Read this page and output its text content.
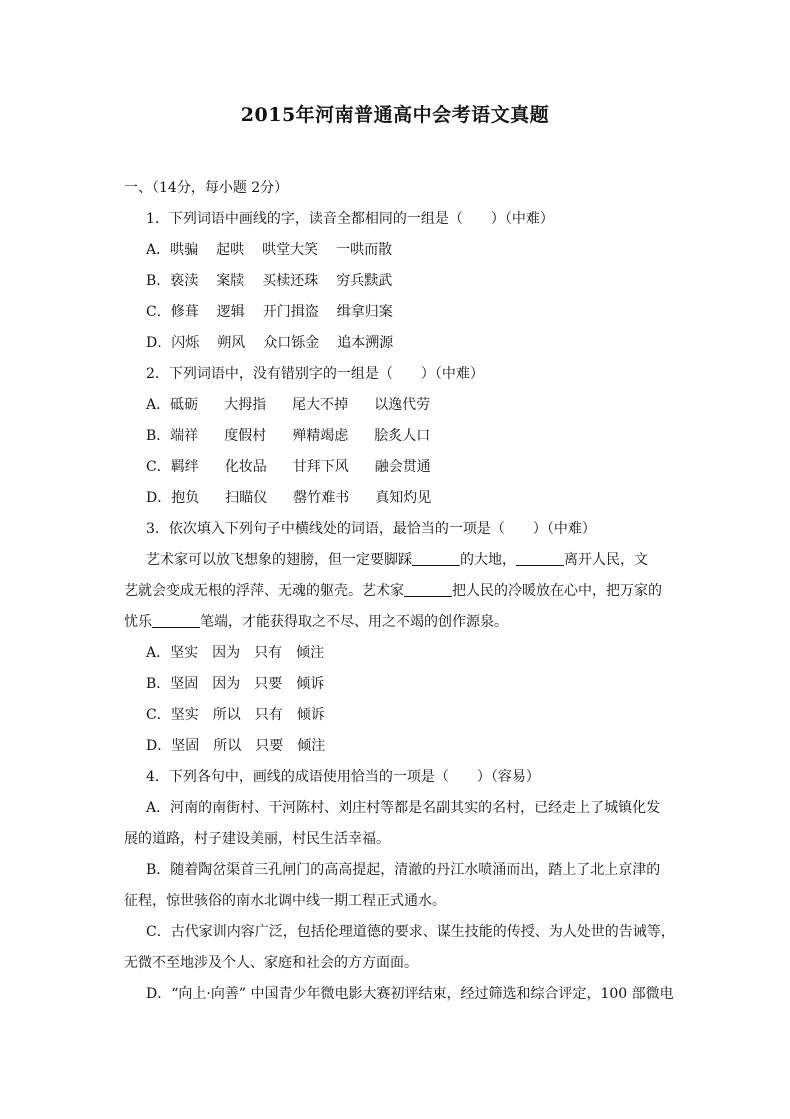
2015年河南普通高中会考语文真题
一、（14分，每小题 2分）
1．下列词语中画线的字，读音全都相同的一组是（　　）（中难）
A．哄骗 起哄 哄堂大笑 一哄而散
B．亵渎 案牍 买椟还珠 穷兵黩武
C．修葺 逻辑 开门揖盗 缉拿归案
D．闪烁 朔风 众口铄金 追本溯源
2．下列词语中，没有错别字的一组是（　　）（中难）
A．砥砺 大拇指 尾大不掉 以逸代劳
B．端祥 度假村 殚精竭虑 脍炙人口
C．羁绊 化妆品 甘拜下风 融会贯通
D．抱负 扫瞄仪 罄竹难书 真知灼见
3．依次填入下列句子中横线处的词语，最恰当的一项是（　　）（中难）
艺术家可以放飞想象的翅膀，但一定要脚踩	的大地，	离开人民，文
艺就会变成无根的浮萍、无魂的躯壳。艺术家	把人民的冷暖放在心中，把万家的
忧乐	笔端，才能获得取之不尽、用之不竭的创作源泉。
A．坚实　 因为　 只有　 倾注
B．坚固　 因为　 只要　 倾诉
C．坚实　 所以　 只有　 倾诉
D．坚固　 所以　 只要　 倾注
4．下列各句中，画线的成语使用恰当的一项是（　　）（容易）
A．河南的南街村、干河陈村、刘庄村等都是名副其实的名村，已经走上了城镇化发
展的道路，村子建设美丽，村民生活幸福。
B．随着陶岔渠首三孔闸门的高高提起，清澈的丹江水喷涌而出，踏上了北上京津的
征程，惊世骇俗的南水北调中线一期工程正式通水。
C．古代家训内容广泛，包括伦理道德的要求、谋生技能的传授、为人处世的告诫等，
无微不至地涉及个人、家庭和社会的方方面面。
D．“向上·向善” 中国青少年微电影大赛初评结束，经过筛选和综合评定，100 部微电
